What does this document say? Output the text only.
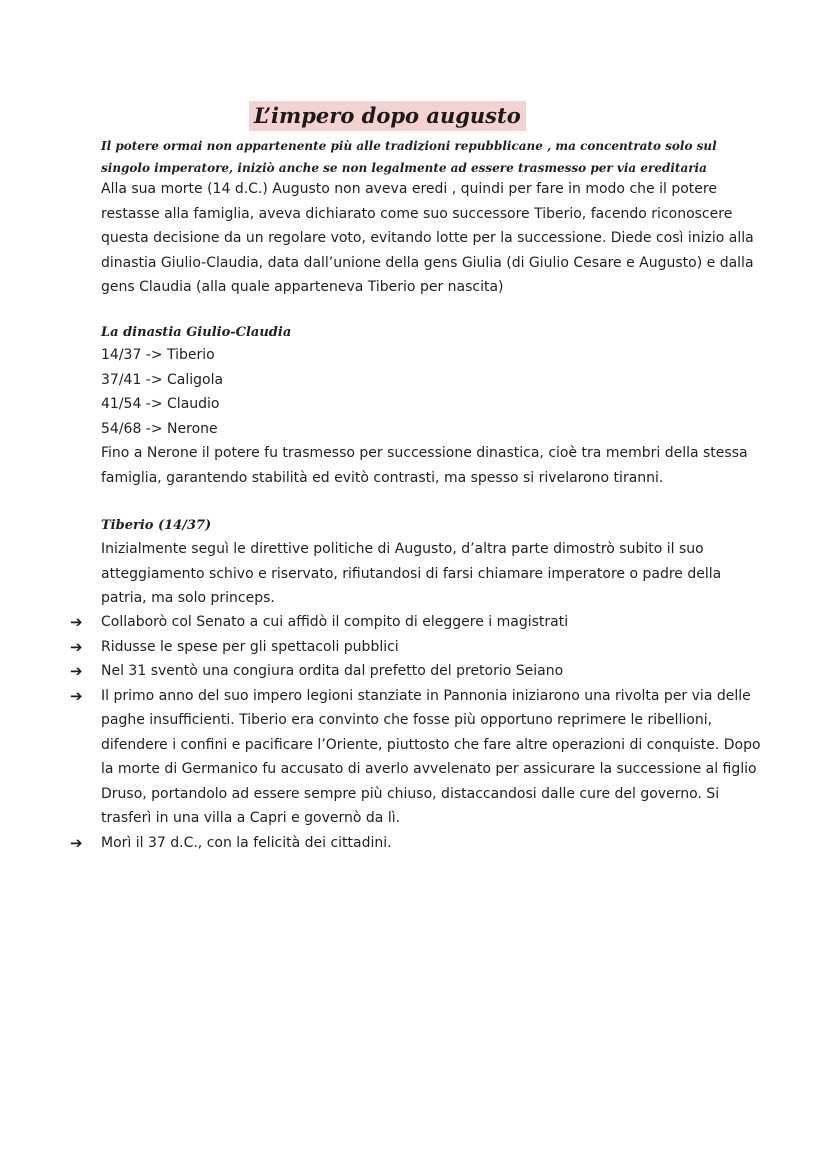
L’impero dopo augusto

Il potere ormai non appartenente più alle tradizioni repubblicane , ma concentrato solo sul singolo imperatore, iniziò anche se non legalmente ad essere trasmesso per via ereditaria

Alla sua morte (14 d.C.) Augusto non aveva eredi , quindi per fare in modo che il potere restasse alla famiglia, aveva dichiarato come suo successore Tiberio, facendo riconoscere questa decisione da un regolare voto, evitando lotte per la successione. Diede così inizio alla dinastia Giulio-Claudia, data dall’unione della gens Giulia (di Giulio Cesare e Augusto) e dalla gens Claudia (alla quale apparteneva Tiberio per nascita)

La dinastia Giulio-Claudia

14/37 -> Tiberio
37/41 -> Caligola
41/54 -> Claudio
54/68 -> Nerone
Fino a Nerone il potere fu trasmesso per successione dinastica, cioè tra membri della stessa famiglia, garantendo stabilità ed evitò contrasti, ma spesso si rivelarono tiranni.

Tiberio (14/37)

Inizialmente seguì le direttive politiche di Augusto, d’altra parte dimostrò subito il suo atteggiamento schivo e riservato, rifiutandosi di farsi chiamare imperatore o padre della patria, ma solo princeps.

➔ Collaborò col Senato a cui affidò il compito di eleggere i magistrati
➔ Ridusse le spese per gli spettacoli pubblici
➔ Nel 31 sventò una congiura ordita dal prefetto del pretorio Seiano
➔ Il primo anno del suo impero legioni stanziate in Pannonia iniziarono una rivolta per via delle paghe insufficienti. Tiberio era convinto che fosse più opportuno reprimere le ribellioni, difendere i confini e pacificare l’Oriente, piuttosto che fare altre operazioni di conquiste. Dopo la morte di Germanico fu accusato di averlo avvelenato per assicurare la successione al figlio Druso, portandolo ad essere sempre più chiuso, distaccandosi dalle cure del governo. Si trasferì in una villa a Capri e governò da lì.
➔ Morì il 37 d.C., con la felicità dei cittadini.
